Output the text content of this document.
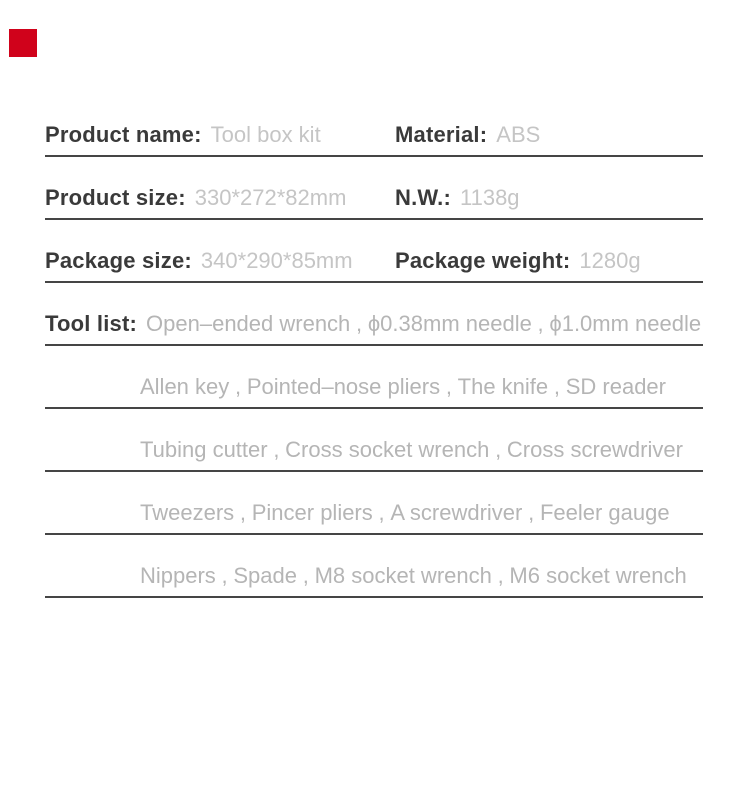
Product name: Tool box kit	Material: ABS
Product size: 330*272*82mm	N.W.: 1138g
Package size: 340*290*85mm	Package weight: 1280g
Tool list: Open–ended wrench , ϕ0.38mm needle , ϕ1.0mm needle
Allen key , Pointed–nose pliers , The knife , SD reader
Tubing cutter , Cross socket wrench , Cross screwdriver
Tweezers , Pincer pliers , A screwdriver , Feeler gauge
Nippers , Spade , M8 socket wrench , M6 socket wrench
